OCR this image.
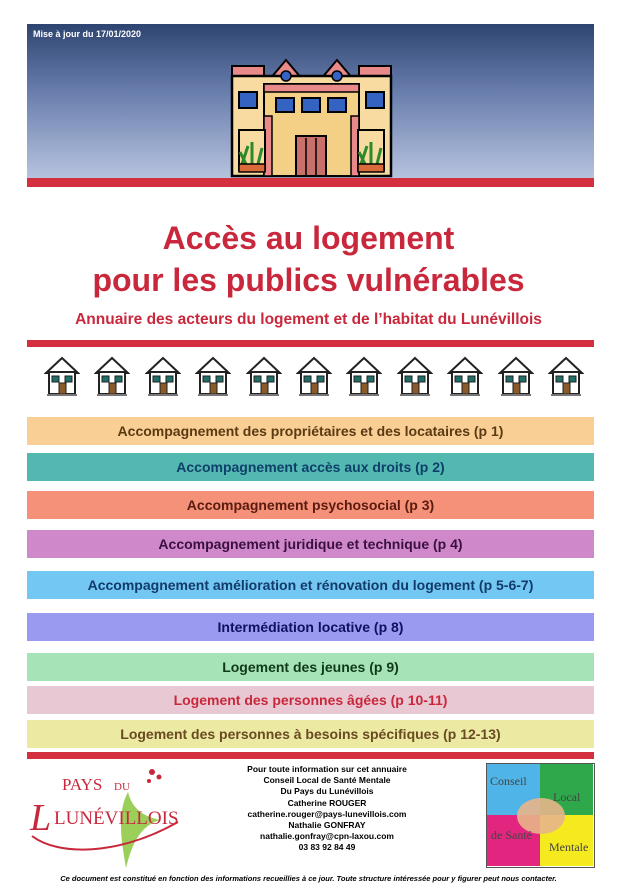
Mise à jour du 17/01/2020
Accès au logement
pour les publics vulnérables
Annuaire des acteurs du logement et de l’habitat du Lunévillois
Accompagnement des propriétaires et des locataires (p 1)
Accompagnement accès aux droits (p 2)
Accompagnement psychosocial (p 3)
Accompagnement juridique et technique (p 4)
Accompagnement amélioration et rénovation du logement (p 5-6-7)
Intermédiation locative (p 8)
Logement des jeunes (p 9)
Logement des personnes âgées (p 10-11)
Logement des personnes à besoins spécifiques (p 12-13)
PAYS DU
L LUNÉVILLOIS
Pour toute information sur cet annuaire
Conseil Local de Santé Mentale
Du Pays du Lunévillois
Catherine ROUGER
catherine.rouger@pays-lunevillois.com
Nathalie GONFRAY
nathalie.gonfray@cpn-laxou.com
03 83 92 84 49
Conseil
Local
de Santé
Mentale
Ce document est constitué en fonction des informations recueillies à ce jour. Toute structure intéressée pour y figurer peut nous contacter.
